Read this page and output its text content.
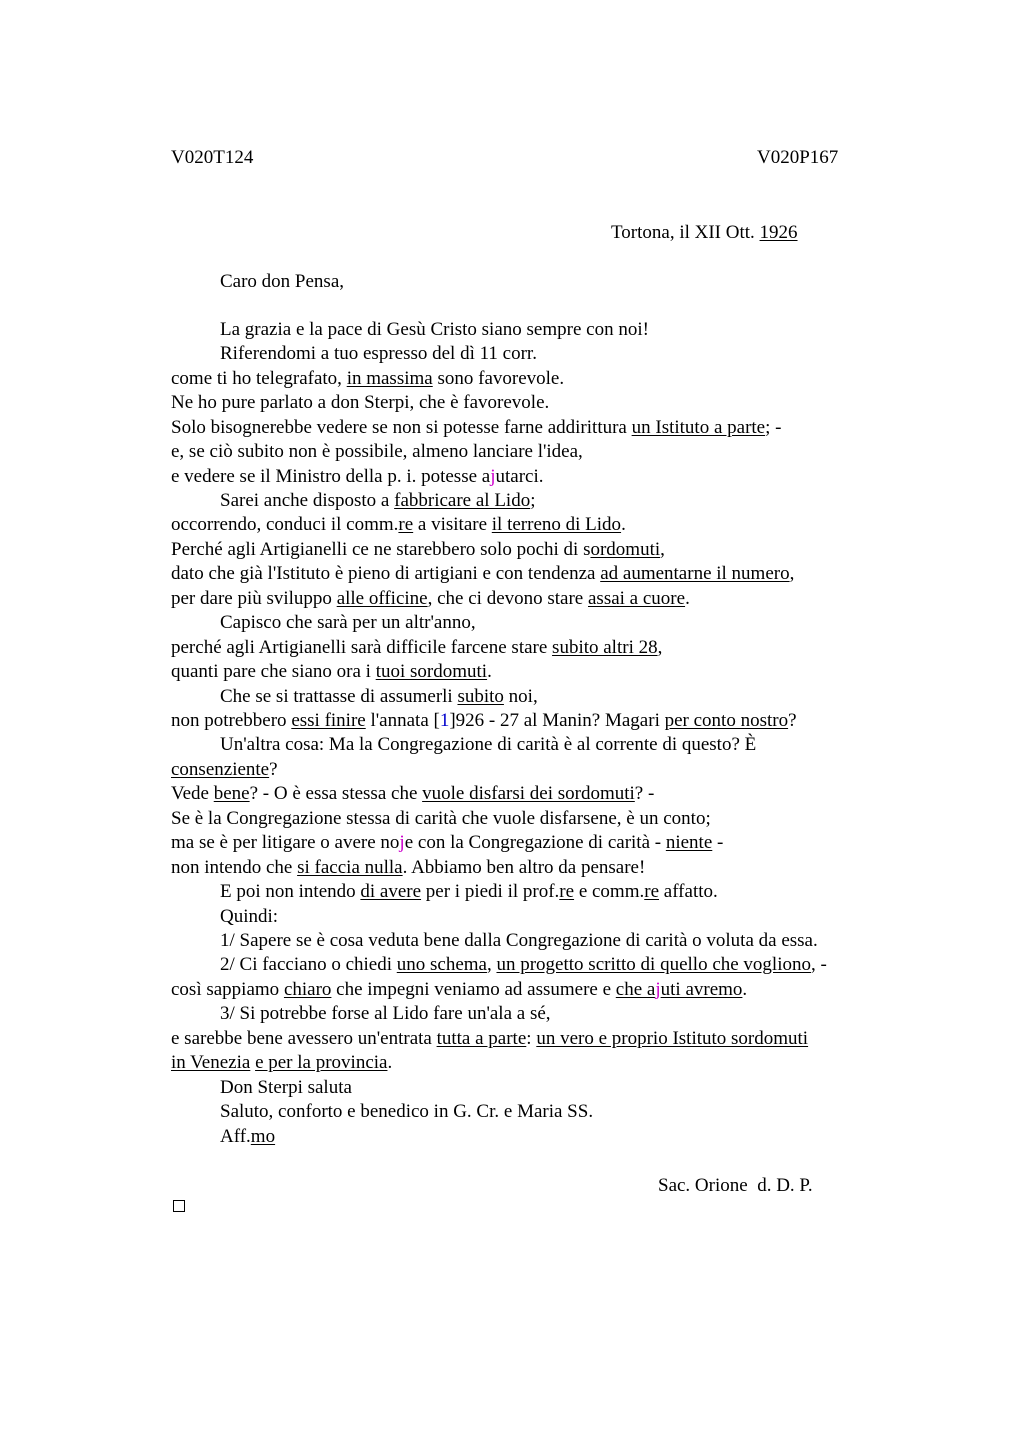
V020T124	V020P167
Tortona, il XII Ott. 1926
Caro don Pensa,
La grazia e la pace di Gesù Cristo siano sempre con noi!
Riferendomi a tuo espresso del dì 11 corr.
come ti ho telegrafato, in massima sono favorevole.
Ne ho pure parlato a don Sterpi, che è favorevole.
Solo bisognerebbe vedere se non si potesse farne addirittura un Istituto a parte; -
e, se ciò subito non è possibile, almeno lanciare l'idea,
e vedere se il Ministro della p. i. potesse ajutarci.
Sarei anche disposto a fabbricare al Lido;
occorrendo, conduci il comm.re a visitare il terreno di Lido.
Perché agli Artigianelli ce ne starebbero solo pochi di sordomuti,
dato che già l'Istituto è pieno di artigiani e con tendenza ad aumentarne il numero,
per dare più sviluppo alle officine, che ci devono stare assai a cuore.
Capisco che sarà per un altr'anno,
perché agli Artigianelli sarà difficile farcene stare subito altri 28,
quanti pare che siano ora i tuoi sordomuti.
Che se si trattasse di assumerli subito noi,
non potrebbero essi finire l'annata [1]926 - 27 al Manin? Magari per conto nostro?
Un'altra cosa: Ma la Congregazione di carità è al corrente di questo? È
consenziente?
Vede bene? - O è essa stessa che vuole disfarsi dei sordomuti? -
Se è la Congregazione stessa di carità che vuole disfarsene, è un conto;
ma se è per litigare o avere noje con la Congregazione di carità - niente -
non intendo che si faccia nulla. Abbiamo ben altro da pensare!
E poi non intendo di avere per i piedi il prof.re e comm.re affatto.
Quindi:
1/ Sapere se è cosa veduta bene dalla Congregazione di carità o voluta da essa.
2/ Ci facciano o chiedi uno schema, un progetto scritto di quello che vogliono, -
così sappiamo chiaro che impegni veniamo ad assumere e che ajuti avremo.
3/ Si potrebbe forse al Lido fare un'ala a sé,
e sarebbe bene avessero un'entrata tutta a parte: un vero e proprio Istituto sordomuti
in Venezia e per la provincia.
Don Sterpi saluta
Saluto, conforto e benedico in G. Cr. e Maria SS.
Aff.mo
Sac. Orione  d. D. P.
